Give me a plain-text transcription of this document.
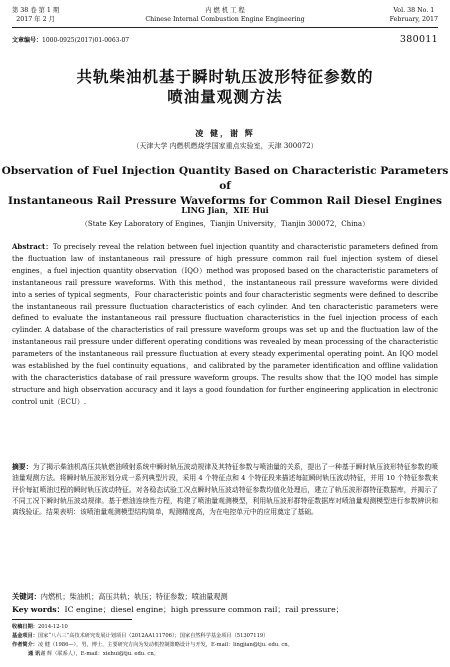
第 38 卷 第 1 期
2017 年 2 月
内 燃 机 工 程
Chinese Internal Combustion Engine Engineering
Vol. 38 No. 1
February, 2017
文章编号：1000-0925(2017)01-0063-07	380011
共轨柴油机基于瞬时轨压波形特征参数的
喷油量观测方法
凌 健，谢 辉
（天津大学 内燃机燃烧学国家重点实验室，天津 300072）
Observation of Fuel Injection Quantity Based on Characteristic Parameters of
Instantaneous Rail Pressure Waveforms for Common Rail Diesel Engines
LING Jian，XIE Hui
（State Key Laboratory of Engines，Tianjin University，Tianjin 300072，China）
Abstract：To precisely reveal the relation between fuel injection quantity and characteristic parameters defined from the fluctuation law of instantaneous rail pressure of high pressure common rail fuel injection system of diesel engines，a fuel injection quantity observation（IQO）method was proposed based on the characteristic parameters of instantaneous rail pressure waveforms. With this method，the instantaneous rail pressure waveforms were divided into a series of typical segments，Four characteristic points and four characteristic segments were defined to describe the instantaneous rail pressure fluctuation characteristics of each cylinder. And ten characteristic parameters were defined to evaluate the instantaneous rail pressure fluctuation characteristics in the fuel injection process of each cylinder. A database of the characteristics of rail pressure waveform groups was set up and the fluctuation law of the instantaneous rail pressure under different operating conditions was revealed by mean processing of the characteristic parameters of the instantaneous rail pressure fluctuation at every steady experimental operating point. An IQO model was established by the fuel continuity equations，and calibrated by the parameter identification and offline validation with the characteristics database of rail pressure waveform groups. The results show that the IQO model has simple structure and high observation accuracy and it lays a good foundation for further engineering application in electronic control unit（ECU）.
摘要：为了揭示柴油机高压共轨燃油喷射系统中瞬时轨压波动规律及其特征参数与喷油量的关系，提出了一种基于瞬时轨压波形特征参数的喷油量观测方法。将瞬时轨压波形划分成一系列典型片段，采用 4 个特征点和 4 个特征段来描述每缸瞬时轨压波动特征，并用 10 个特征参数来评价每缸喷油过程的瞬时轨压波动特征。对各稳态试验工况点瞬时轨压波动特征参数均值化处理后，建立了轨压波形群特征数据库，并揭示了不同工况下瞬时轨压波动规律。基于燃油连续性方程，构建了喷油量观测模型，利用轨压波形群特征数据库对喷油量观测模型进行参数辨识和离线验证。结果表明：该喷油量观测模型结构简单，观测精度高，为在电控单元中的应用奠定了基础。
关键词：内燃机；柴油机；高压共轨；轨压；特征参数；喷油量观测
Key words：IC engine；diesel engine；high pressure common rail；rail pressure；
收稿日期：2014-12-10
基金项目：国家“八六三”高技术研究发展计划项目（2012AA111706）；国家自然科学基金项目（51307119）
作者简介：凌 健（1986—），男，博士，主要研究方向为发动机控制策略设计与开发，E-mail：lingjian@tju. edu. cn。
通 讯谢 辉（联系人），E-mail：xiehui@tju. edu. cn。
